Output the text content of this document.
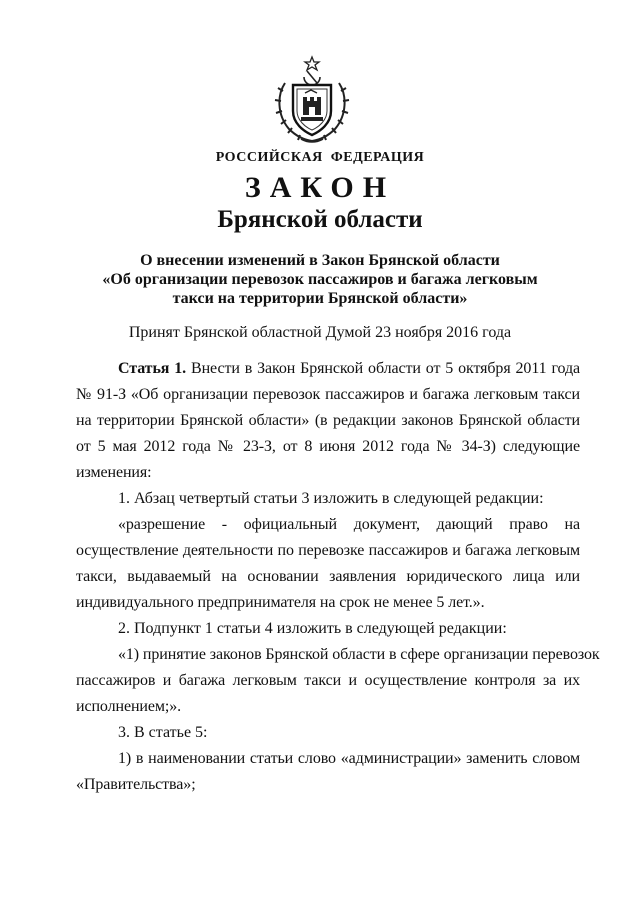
РОССИЙСКАЯ ФЕДЕРАЦИЯ
ЗАКОН
Брянской области
О внесении изменений в Закон Брянской области
«Об организации перевозок пассажиров и багажа легковым
такси на территории Брянской области»
Принят Брянской областной Думой 23 ноября 2016 года
Статья 1. Внести в Закон Брянской области от 5 октября 2011 года
№ 91-З «Об организации перевозок пассажиров и багажа легковым такси
на территории Брянской области» (в редакции законов Брянской области
от 5 мая 2012 года № 23-З, от 8 июня 2012 года № 34-З) следующие
изменения:

1. Абзац четвертый статьи 3 изложить в следующей редакции:

«разрешение - официальный документ, дающий право на
осуществление деятельности по перевозке пассажиров и багажа легковым
такси, выдаваемый на основании заявления юридического лица или
индивидуального предпринимателя на срок не менее 5 лет.».

2. Подпункт 1 статьи 4 изложить в следующей редакции:

«1) принятие законов Брянской области в сфере организации перевозок
пассажиров и багажа легковым такси и осуществление контроля за их
исполнением;».

3. В статье 5:

1) в наименовании статьи слово «администрации» заменить словом
«Правительства»;
